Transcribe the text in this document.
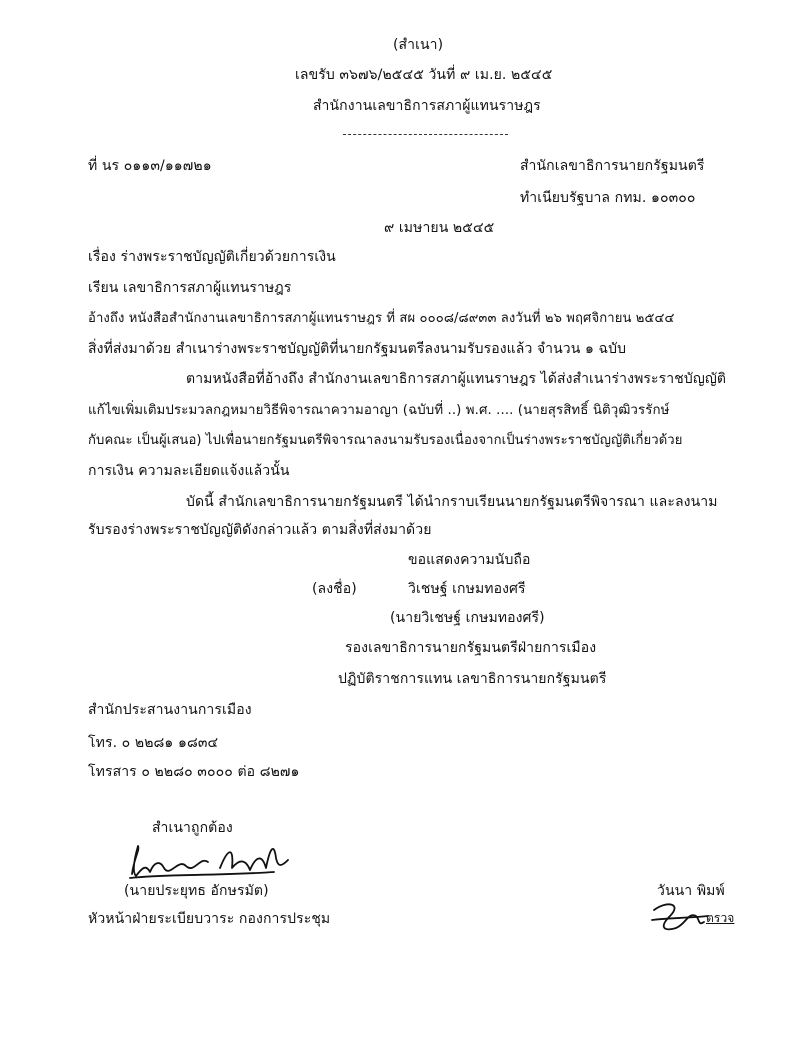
(สำเนา)
เลขรับ ๓๖๗๖/๒๕๔๕ วันที่ ๙ เม.ย. ๒๕๔๕
สำนักงานเลขาธิการสภาผู้แทนราษฎร
ที่ นร ๐๑๑๓/๑๑๗๒๑	สำนักเลขาธิการนายกรัฐมนตรี
ทำเนียบรัฐบาล กทม. ๑๐๓๐๐
๙ เมษายน ๒๕๔๕
เรื่อง ร่างพระราชบัญญัติเกี่ยวด้วยการเงิน
เรียน เลขาธิการสภาผู้แทนราษฎร
อ้างถึง หนังสือสำนักงานเลขาธิการสภาผู้แทนราษฎร ที่ สผ ๐๐๐๘/๘๙๓๓ ลงวันที่ ๒๖ พฤศจิกายน ๒๕๔๔
สิ่งที่ส่งมาด้วย สำเนาร่างพระราชบัญญัติที่นายกรัฐมนตรีลงนามรับรองแล้ว จำนวน ๑ ฉบับ
ตามหนังสือที่อ้างถึง สำนักงานเลขาธิการสภาผู้แทนราษฎร ได้ส่งสำเนาร่างพระราชบัญญัติ
แก้ไขเพิ่มเติมประมวลกฎหมายวิธีพิจารณาความอาญา (ฉบับที่ ..) พ.ศ. .... (นายสุรสิทธิ์ นิติวุฒิวรรักษ์
กับคณะ เป็นผู้เสนอ) ไปเพื่อนายกรัฐมนตรีพิจารณาลงนามรับรองเนื่องจากเป็นร่างพระราชบัญญัติเกี่ยวด้วย
การเงิน ความละเอียดแจ้งแล้วนั้น
บัดนี้ สำนักเลขาธิการนายกรัฐมนตรี ได้นำกราบเรียนนายกรัฐมนตรีพิจารณา และลงนาม
รับรองร่างพระราชบัญญัติดังกล่าวแล้ว ตามสิ่งที่ส่งมาด้วย
ขอแสดงความนับถือ
(ลงชื่อ)	วิเชษฐ์ เกษมทองศรี
(นายวิเชษฐ์ เกษมทองศรี)
รองเลขาธิการนายกรัฐมนตรีฝ่ายการเมือง
ปฏิบัติราชการแทน เลขาธิการนายกรัฐมนตรี
สำนักประสานงานการเมือง
โทร. ๐ ๒๒๘๑ ๑๘๓๔
โทรสาร ๐ ๒๒๘๐ ๓๐๐๐ ต่อ ๘๒๗๑
สำเนาถูกต้อง
(นายประยุทธ อักษรมัต)
หัวหน้าฝ่ายระเบียบวาระ กองการประชุม
วันนา พิมพ์
ตรวจ
